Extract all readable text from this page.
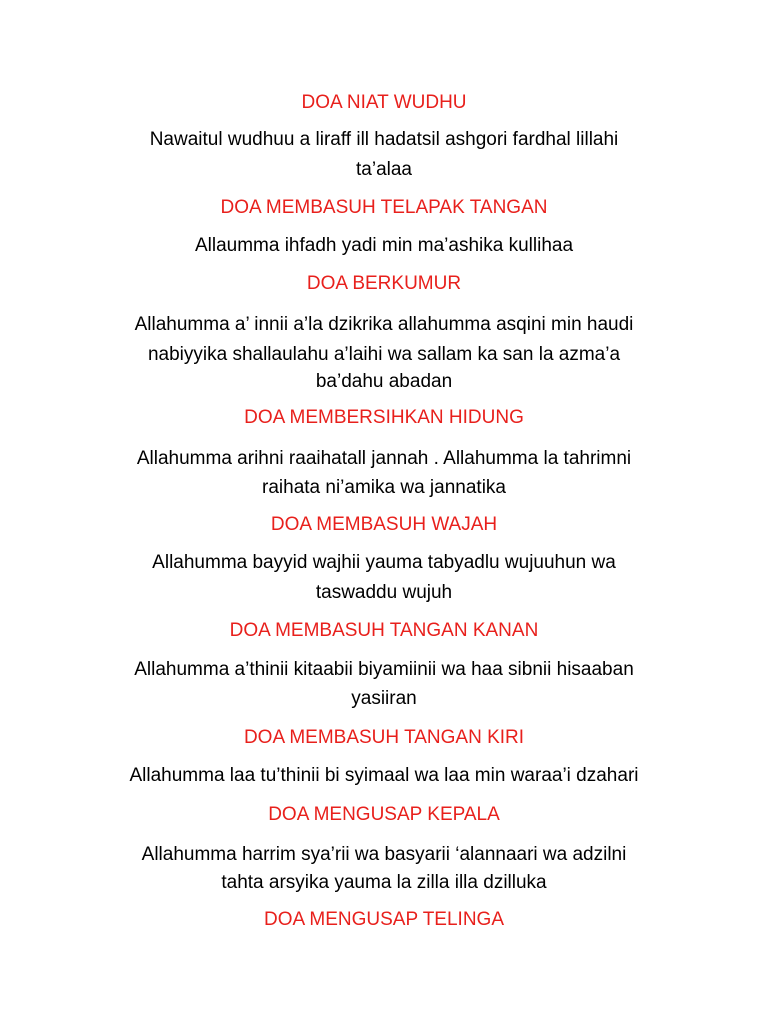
DOA NIAT WUDHU
Nawaitul wudhuu a liraff ill hadatsil ashgori fardhal lillahi
ta’alaa
DOA MEMBASUH TELAPAK TANGAN
Allaumma ihfadh yadi min ma’ashika kullihaa
DOA BERKUMUR
Allahumma a’ innii a’la dzikrika allahumma asqini min haudi
nabiyyika shallaulahu a’laihi wa sallam ka san la azma’a
ba’dahu abadan
DOA MEMBERSIHKAN HIDUNG
Allahumma arihni raaihatall jannah . Allahumma la tahrimni
raihata ni’amika wa jannatika
DOA MEMBASUH WAJAH
Allahumma bayyid wajhii yauma tabyadlu wujuuhun wa
taswaddu wujuh
DOA MEMBASUH TANGAN KANAN
Allahumma a’thinii kitaabii biyamiinii wa haa sibnii hisaaban
yasiiran
DOA MEMBASUH TANGAN KIRI
Allahumma laa tu’thinii bi syimaal wa laa min waraa’i dzahari
DOA MENGUSAP KEPALA
Allahumma harrim sya’rii wa basyarii ‘alannaari wa adzilni
tahta arsyika yauma la zilla illa dzilluka
DOA MENGUSAP TELINGA
